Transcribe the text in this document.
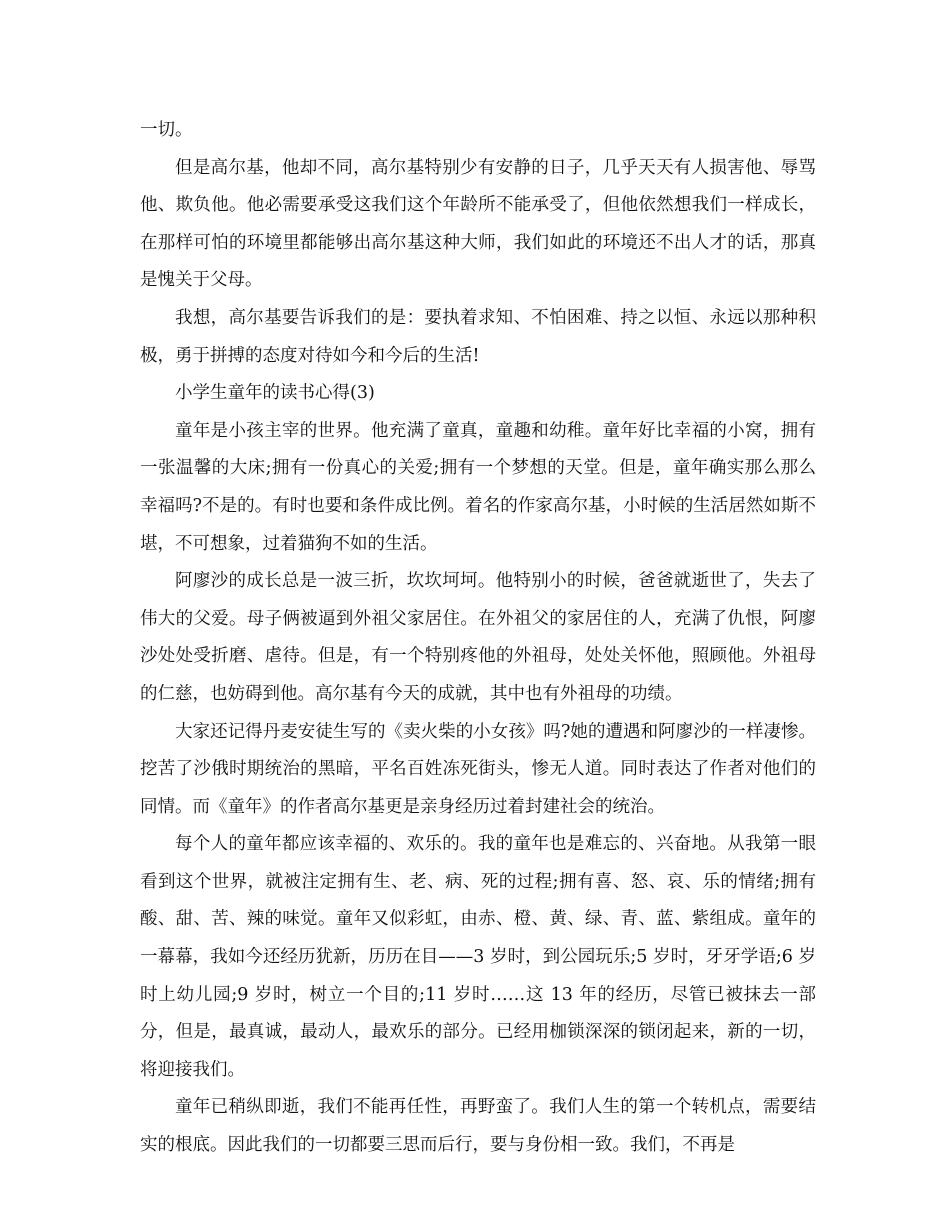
一切。

但是高尔基，他却不同，高尔基特别少有安静的日子，几乎天天有人损害他、辱骂他、欺负他。他必需要承受这我们这个年龄所不能承受了，但他依然想我们一样成长，在那样可怕的环境里都能够出高尔基这种大师，我们如此的环境还不出人才的话，那真是愧关于父母。

我想，高尔基要告诉我们的是：要执着求知、不怕困难、持之以恒、永远以那种积极，勇于拼搏的态度对待如今和今后的生活!

小学生童年的读书心得(3)

童年是小孩主宰的世界。他充满了童真，童趣和幼稚。童年好比幸福的小窝，拥有一张温馨的大床;拥有一份真心的关爱;拥有一个梦想的天堂。但是，童年确实那么那么幸福吗?不是的。有时也要和条件成比例。着名的作家高尔基，小时候的生活居然如斯不堪，不可想象，过着猫狗不如的生活。

阿廖沙的成长总是一波三折，坎坎坷坷。他特别小的时候，爸爸就逝世了，失去了伟大的父爱。母子俩被逼到外祖父家居住。在外祖父的家居住的人，充满了仇恨，阿廖沙处处受折磨、虐待。但是，有一个特别疼他的外祖母，处处关怀他，照顾他。外祖母的仁慈，也妨碍到他。高尔基有今天的成就，其中也有外祖母的功绩。

大家还记得丹麦安徒生写的《卖火柴的小女孩》吗?她的遭遇和阿廖沙的一样凄惨。挖苦了沙俄时期统治的黑暗，平名百姓冻死街头，惨无人道。同时表达了作者对他们的同情。而《童年》的作者高尔基更是亲身经历过着封建社会的统治。

每个人的童年都应该幸福的、欢乐的。我的童年也是难忘的、兴奋地。从我第一眼看到这个世界，就被注定拥有生、老、病、死的过程;拥有喜、怒、哀、乐的情绪;拥有酸、甜、苦、辣的味觉。童年又似彩虹，由赤、橙、黄、绿、青、蓝、紫组成。童年的一幕幕，我如今还经历犹新，历历在目——3 岁时，到公园玩乐;5 岁时，牙牙学语;6 岁时上幼儿园;9 岁时，树立一个目的;11 岁时……这 13 年的经历，尽管已被抹去一部分，但是，最真诚，最动人，最欢乐的部分。已经用枷锁深深的锁闭起来，新的一切，将迎接我们。

童年已稍纵即逝，我们不能再任性，再野蛮了。我们人生的第一个转机点，需要结实的根底。因此我们的一切都要三思而后行，要与身份相一致。我们，不再是
